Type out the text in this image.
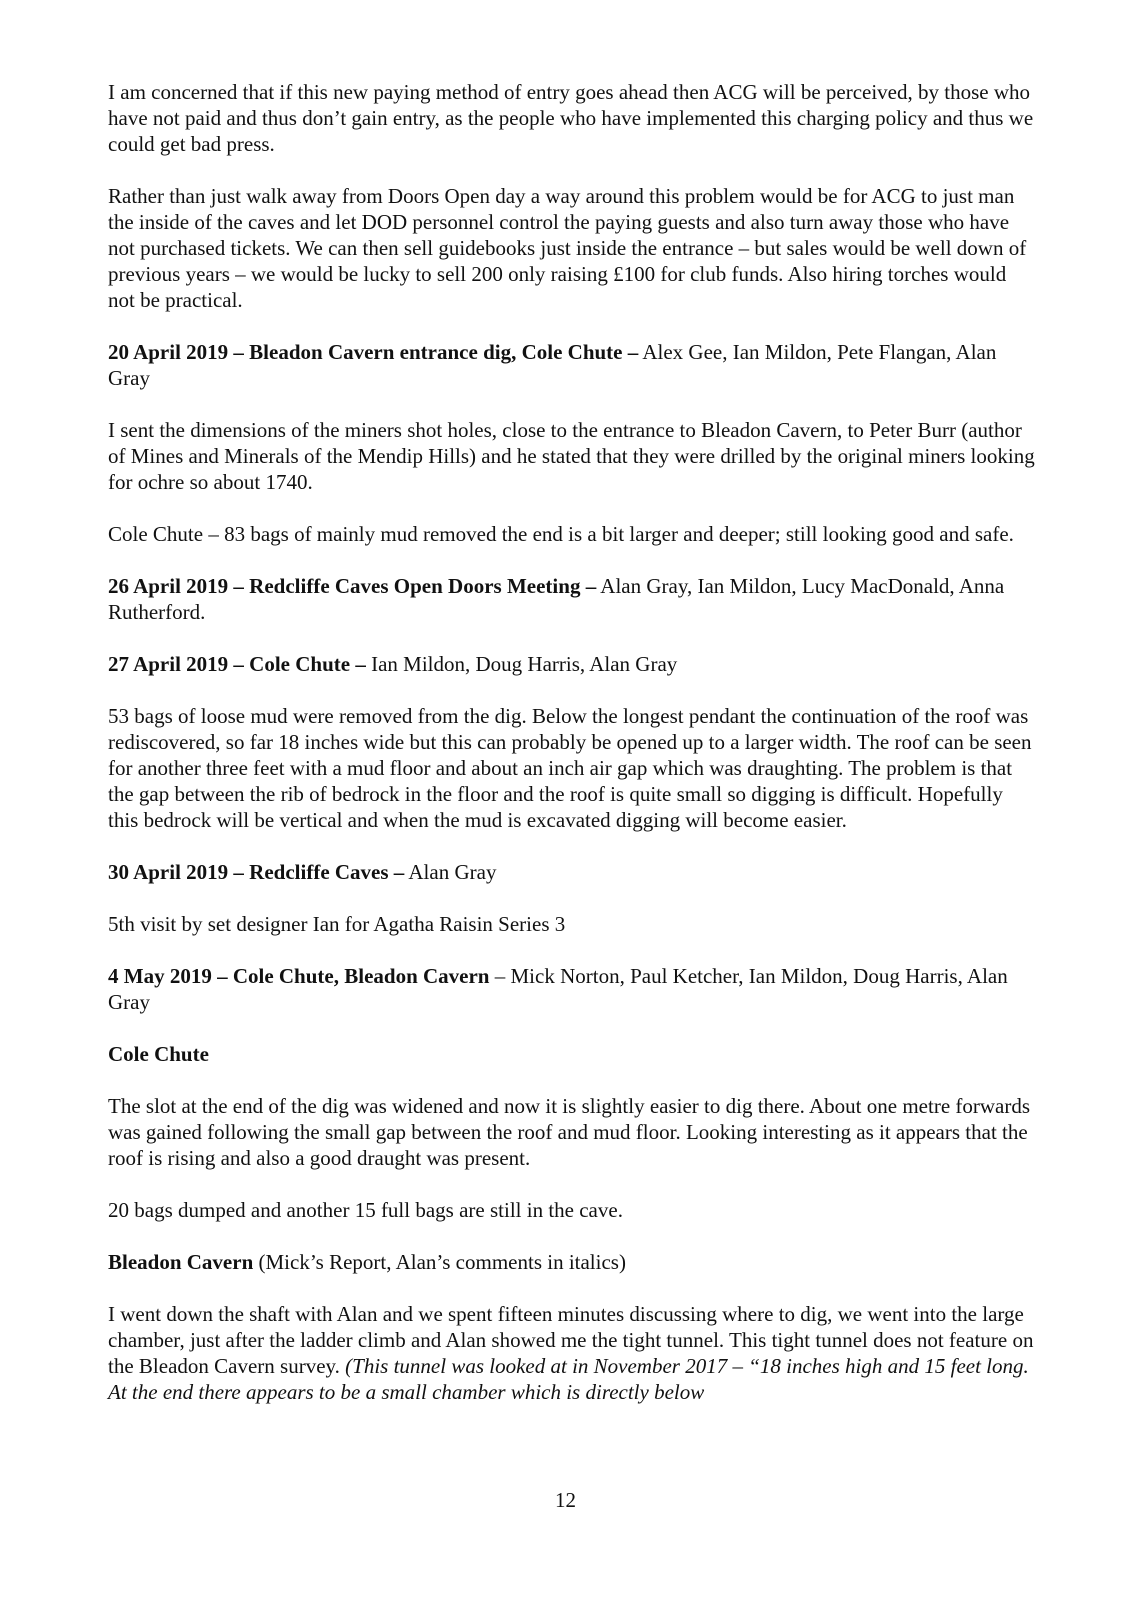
I am concerned that if this new paying method of entry goes ahead then ACG will be perceived, by those who have not paid and thus don’t gain entry, as the people who have implemented this charging policy and thus we could get bad press.

Rather than just walk away from Doors Open day a way around this problem would be for ACG to just man the inside of the caves and let DOD personnel control the paying guests and also turn away those who have not purchased tickets. We can then sell guidebooks just inside the entrance – but sales would be well down of previous years – we would be lucky to sell 200 only raising £100 for club funds. Also hiring torches would not be practical.

20 April 2019 – Bleadon Cavern entrance dig, Cole Chute – Alex Gee, Ian Mildon, Pete Flangan, Alan Gray

I sent the dimensions of the miners shot holes, close to the entrance to Bleadon Cavern, to Peter Burr (author of Mines and Minerals of the Mendip Hills) and he stated that they were drilled by the original miners looking for ochre so about 1740.

Cole Chute – 83 bags of mainly mud removed the end is a bit larger and deeper; still looking good and safe.

26 April 2019 – Redcliffe Caves Open Doors Meeting – Alan Gray, Ian Mildon, Lucy MacDonald, Anna Rutherford.

27 April 2019 – Cole Chute – Ian Mildon, Doug Harris, Alan Gray

53 bags of loose mud were removed from the dig. Below the longest pendant the continuation of the roof was rediscovered, so far 18 inches wide but this can probably be opened up to a larger width. The roof can be seen for another three feet with a mud floor and about an inch air gap which was draughting. The problem is that the gap between the rib of bedrock in the floor and the roof is quite small so digging is difficult. Hopefully this bedrock will be vertical and when the mud is excavated digging will become easier.

30 April 2019 – Redcliffe Caves – Alan Gray

5th visit by set designer Ian for Agatha Raisin Series 3

4 May 2019 – Cole Chute, Bleadon Cavern – Mick Norton, Paul Ketcher, Ian Mildon, Doug Harris, Alan Gray

Cole Chute

The slot at the end of the dig was widened and now it is slightly easier to dig there. About one metre forwards was gained following the small gap between the roof and mud floor. Looking interesting as it appears that the roof is rising and also a good draught was present.

20 bags dumped and another 15 full bags are still in the cave.

Bleadon Cavern (Mick’s Report, Alan’s comments in italics)

I went down the shaft with Alan and we spent fifteen minutes discussing where to dig, we went into the large chamber, just after the ladder climb and Alan showed me the tight tunnel. This tight tunnel does not feature on the Bleadon Cavern survey. (This tunnel was looked at in November 2017 – “18 inches high and 15 feet long. At the end there appears to be a small chamber which is directly below

12
